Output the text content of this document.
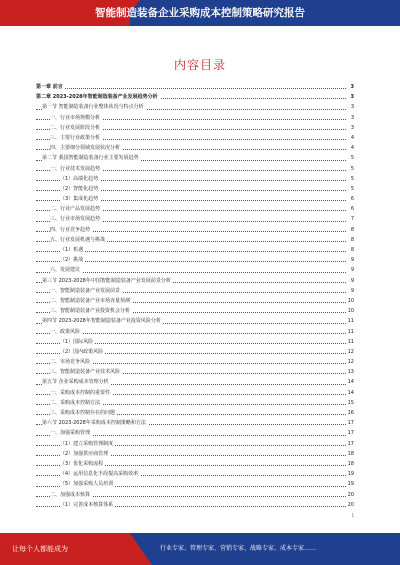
智能制造装备企业采购成本控制策略研究报告
内容目录
第一章 前言	3
第二章 2023-2028年智能制造装备产业发展趋势分析	3
第一节 智能制造装备行业整体状况与特点分析	3
一、行业市场规模分析	3
二、行业发展阶段分析	3
三、主要行业政策分析	4
四、主要细分领域发展状况分析	4
第二节 我国智能制造装备行业主要发展趋势	5
一、行业技术发展趋势	5
（1）高端化趋势	5
（2）智能化趋势	5
（3）集成化趋势	6
二、行业产品发展趋势	6
三、行业市场发展趋势	7
四、行业竞争趋势	8
五、行业发展机遇与挑战	8
（1）机遇	8
（2）挑战	9
六、发展建议	9
第三节 2023-2028年中国智能制造装备产业发展前景分析	9
一、智能制造装备产业发展前景	9
二、智能制造装备产业市场容量预测	10
三、智能制造装备产业投资机会分析	10
第四节 2023-2028年智能制造装备产业投资风险分析	11
一、政策风险	11
（1）国际风险	11
（2）国内政策风险	12
二、市场竞争风险	12
三、智能制造装备产业技术风险	13
第五节 企业采购成本管理分析	14
一、采购成本控制的重要性	14
二、采购成本控制方法	15
三、采购成本控制存在的问题	16
第六节 2023-2028年采购成本控制策略和方法	17
一、加强采购管理	17
（1）建立采购管理制度	17
（2）加强供应商管理	18
（3）优化采购流程	18
（4）运用信息化手段提高采购效率	19
（5）加强采购人员培训	19
二、加强成本核算	20
（1）完善成本核算体系	20
1
让每个人都能成为	行业专家、管理专家、营销专家、战略专家、成本专家……
